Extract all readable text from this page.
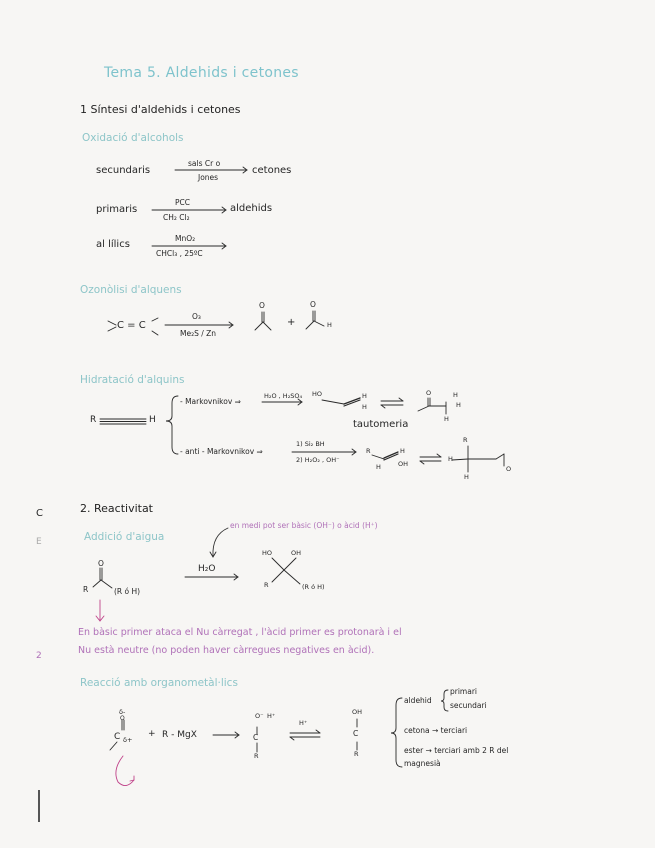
C
E
2
Tema 5. Aldehids i cetones
1 Síntesi d'aldehids i cetones
Oxidació d'alcohols
secundaris
sals Cr o
Jones
cetones
primaris
PCC
CH₂ Cl₂
aldehids
al lílics
MnO₂
CHCl₃ , 25ºC
Ozonòlisi d'alquens
C = C
O₃
Me₂S / Zn
O
+
O
H
Hidratació d'alquins
R	H
- Markovnikov ⇒
H₂O , H₂SO₄ HO	H
H
O	H
H
H
tautomeria
- anti - Markovnikov ⇒
1) Si₂ BH
2) H₂O₂ , OH⁻
R
H
H
OH
R
H
H
O
2. Reactivitat
Addició d'aigua
en medi pot ser bàsic (OH⁻) o àcid (H⁺)
O
R	(R ó H)
H₂O
HO	OH
R	(R ó H)
En bàsic primer ataca el Nu càrregat , l'àcid primer es protonarà i el
Nu està neutre (no poden haver càrregues negatives en àcid).
Reacció amb organometàl·lics
δ-
O
C δ+
+ R - MgX
O⁻ H⁺
C
R
H⁺
OH
C
R
aldehid
primari
secundari
cetona → terciari
ester → terciari amb 2 R del
magnesià
